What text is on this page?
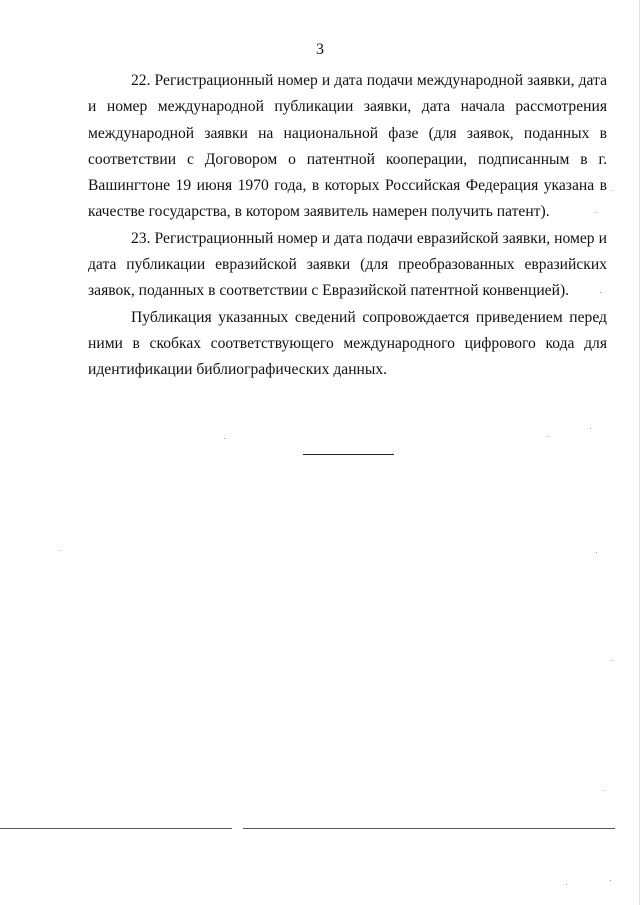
3

22. Регистрационный номер и дата подачи международной заявки, дата и номер международной публикации заявки, дата начала рассмотрения международной заявки на национальной фазе (для заявок, поданных в соответствии с Договором о патентной кооперации, подписанным в г. Вашингтоне 19 июня 1970 года, в которых Российская Федерация указана в качестве государства, в котором заявитель намерен получить патент).

23. Регистрационный номер и дата подачи евразийской заявки, номер и дата публикации евразийской заявки (для преобразованных евразийских заявок, поданных в соответствии с Евразийской патентной конвенцией).

Публикация указанных сведений сопровождается приведением перед ними в скобках соответствующего международного цифрового кода для идентификации библиографических данных.
